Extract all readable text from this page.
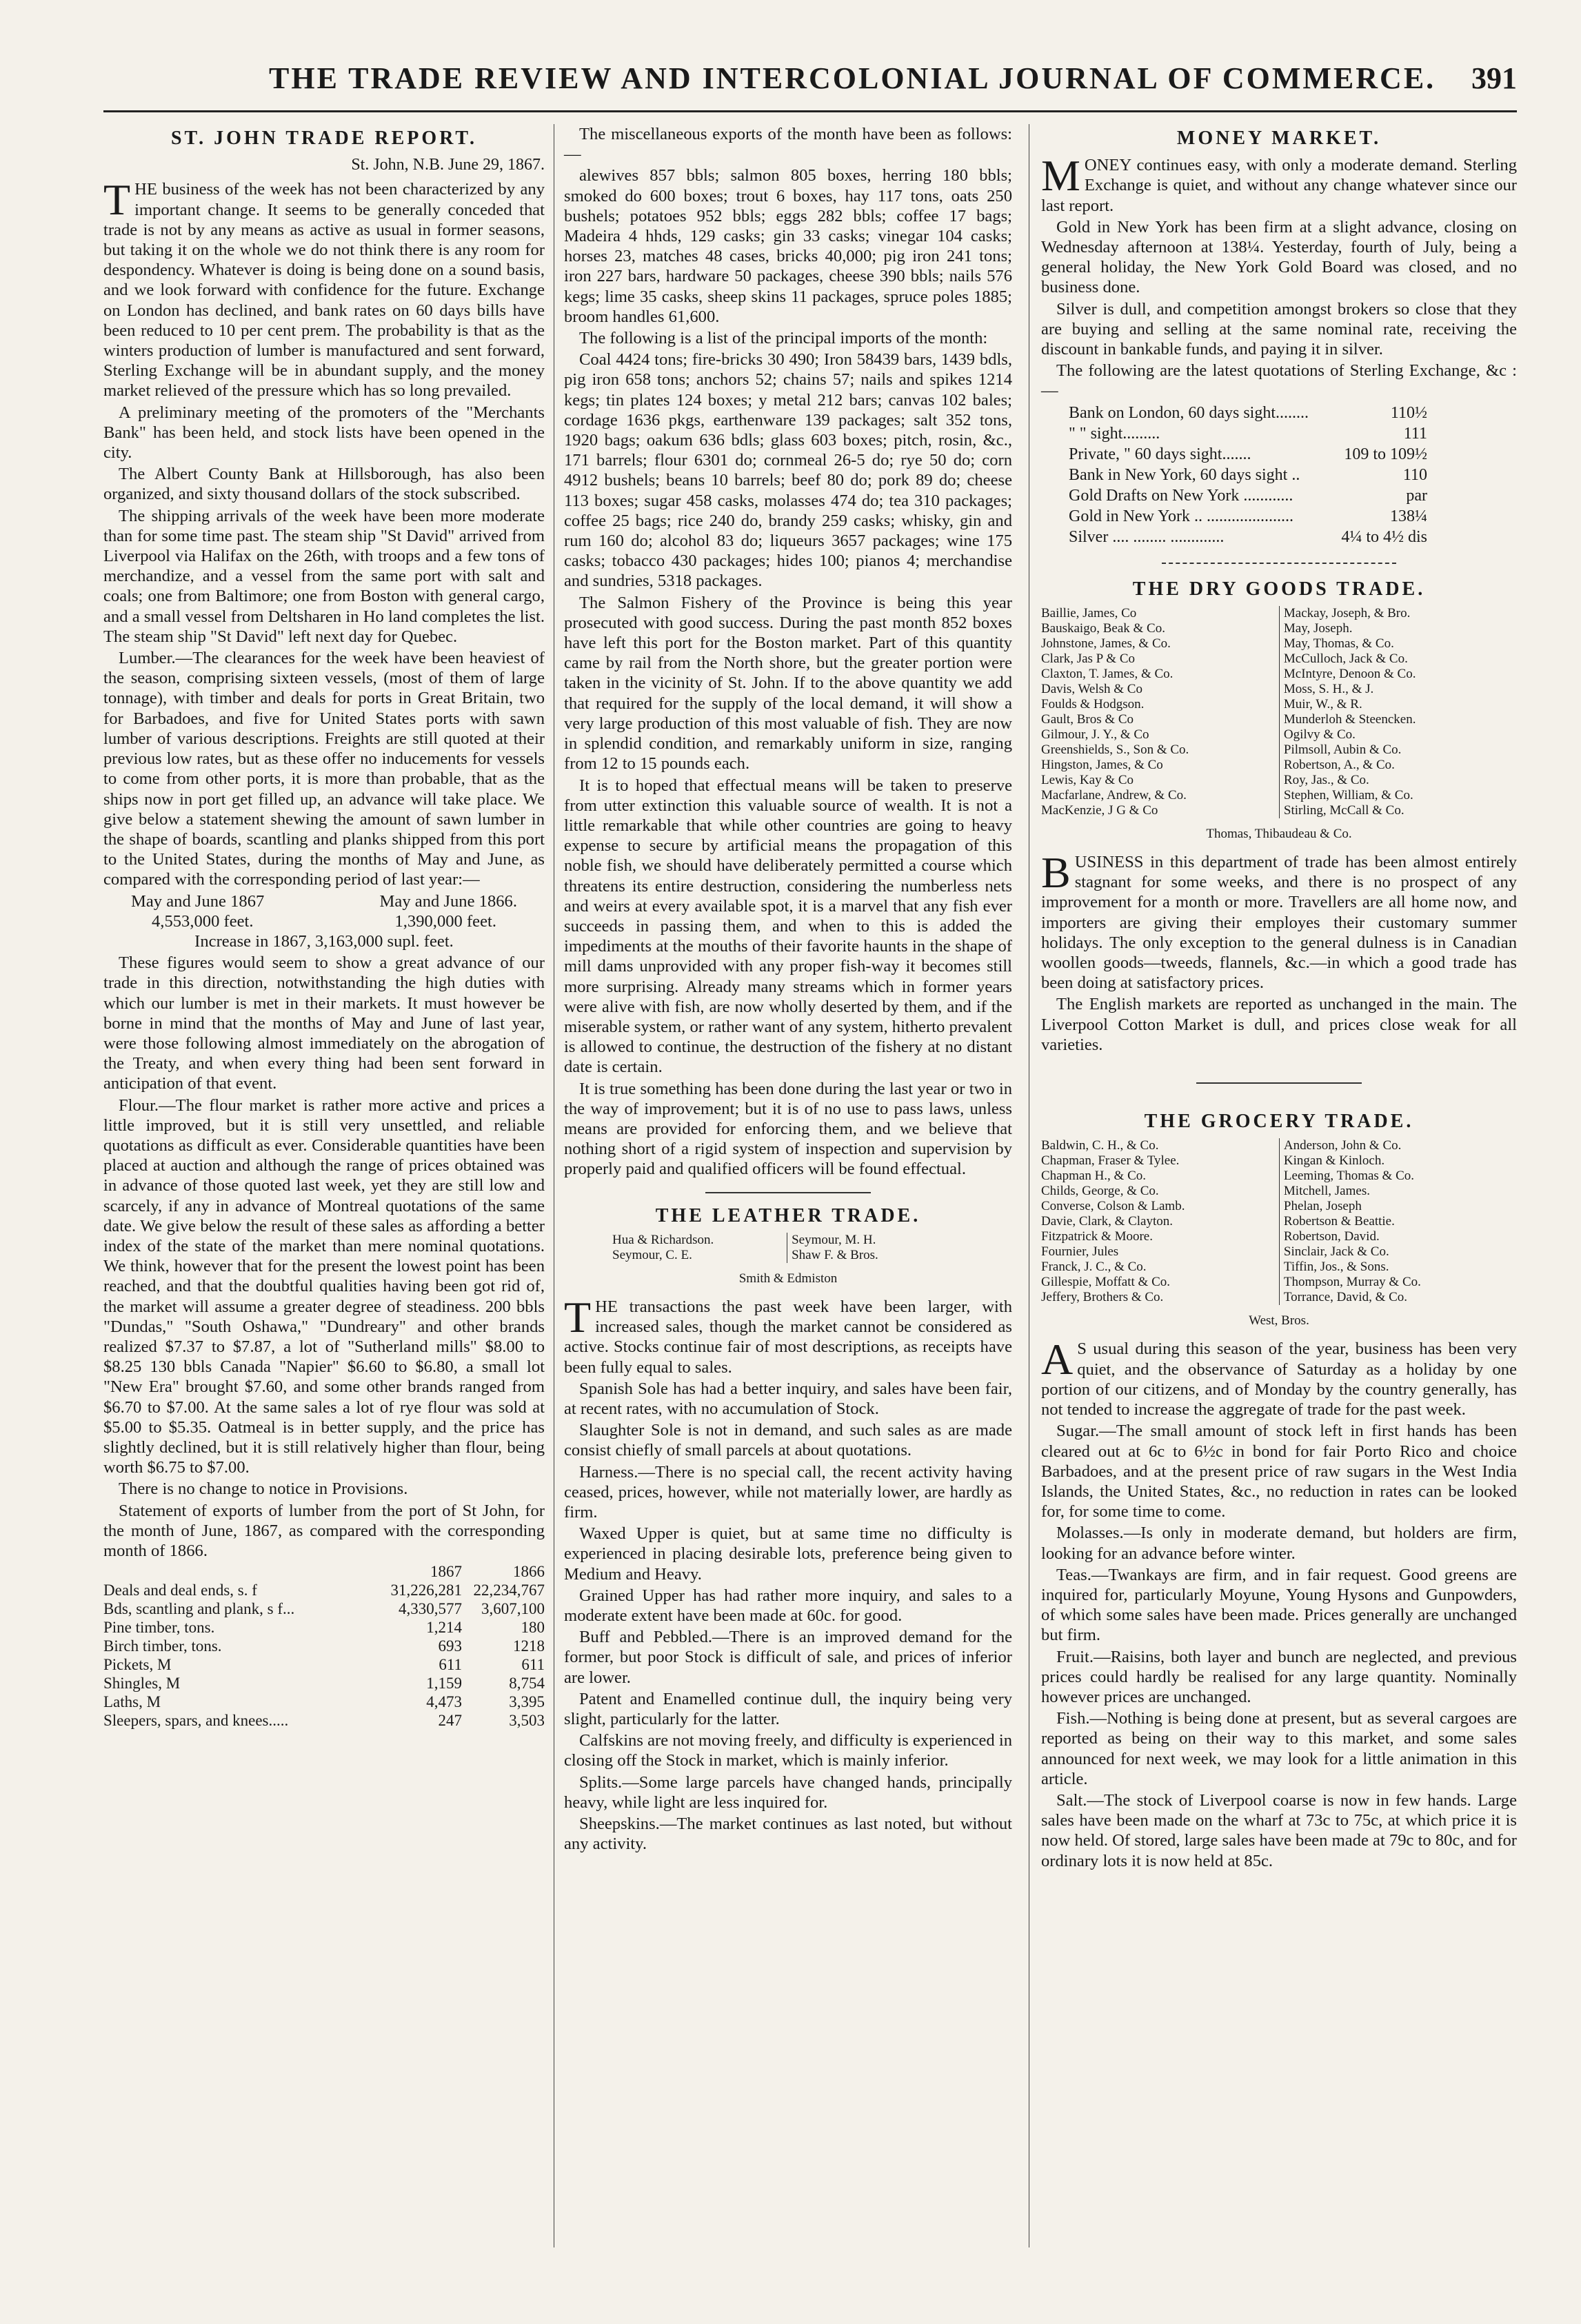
THE TRADE REVIEW AND INTERCOLONIAL JOURNAL OF COMMERCE. 391
ST. JOHN TRADE REPORT.
St. John, N.B. June 29, 1867.

THE business of the week has not been characterized by any important change. It seems to be generally conceded that trade is not by any means as active as usual in former seasons, but taking it on the whole we do not think there is any room for despondency. Whatever is doing is being done on a sound basis, and we look forward with confidence for the future. Exchange on London has declined, and bank rates on 60 days bills have been reduced to 10 per cent prem. The probability is that as the winters production of lumber is manufactured and sent forward, Sterling Exchange will be in abundant supply, and the money market relieved of the pressure which has so long prevailed.

A preliminary meeting of the promoters of the "Merchants Bank" has been held, and stock lists have been opened in the city.

The Albert County Bank at Hillsborough, has also been organized, and sixty thousand dollars of the stock subscribed.

The shipping arrivals of the week have been more moderate than for some time past. The steam ship "St David" arrived from Liverpool via Halifax on the 26th, with troops and a few tons of merchandize, and a vessel from the same port with salt and coals; one from Baltimore; one from Boston with general cargo, and a small vessel from Deltsharen in Ho land completes the list. The steam ship "St David" left next day for Quebec.

Lumber.—The clearances for the week have been heaviest of the season, comprising sixteen vessels, (most of them of large tonnage), with timber and deals for ports in Great Britain, two for Barbadoes, and five for United States ports with sawn lumber of various descriptions. Freights are still quoted at their previous low rates, but as these offer no inducements for vessels to come from other ports, it is more than probable, that as the ships now in port get filled up, an advance will take place. We give below a statement shewing the amount of sawn lumber in the shape of boards, scantling and planks shipped from this port to the United States, during the months of May and June, as compared with the corresponding period of last year:—

May and June 1867	May and June 1866.
4,553,000 feet.	1,390,000 feet.

Increase in 1867, 3,163,000 supl. feet.

These figures would seem to show a great advance of our trade in this direction, notwithstanding the high duties with which our lumber is met in their markets. It must however be borne in mind that the months of May and June of last year, were those following almost immediately on the abrogation of the Treaty, and when every thing had been sent forward in anticipation of that event.

Flour.—The flour market is rather more active and prices a little improved, but it is still very unsettled, and reliable quotations as difficult as ever. Considerable quantities have been placed at auction and although the range of prices obtained was in advance of those quoted last week, yet they are still low and scarcely, if any in advance of Montreal quotations of the same date. We give below the result of these sales as affording a better index of the state of the market than mere nominal quotations. We think, however that for the present the lowest point has been reached, and that the doubtful qualities having been got rid of, the market will assume a greater degree of steadiness. 200 bbls "Dundas," "South Oshawa," "Dundreary" and other brands realized $7.37 to $7.87, a lot of "Sutherland mills" $8.00 to $8.25 130 bbls Canada "Napier" $6.60 to $6.80, a small lot "New Era" brought $7.60, and some other brands ranged from $6.70 to $7.00. At the same sales a lot of rye flour was sold at $5.00 to $5.35. Oatmeal is in better supply, and the price has slightly declined, but it is still relatively higher than flour, being worth $6.75 to $7.00.

There is no change to notice in Provisions.

Statement of exports of lumber from the port of St John, for the month of June, 1867, as compared with the corresponding month of 1866.

	1867	1866
Deals and deal ends, s. f	31,226,281	22,234,767
Bds, scantling and plank, s f...	4,330,577	3,607,100
Pine timber, tons.	1,214	180
Birch timber, tons.	693	1218
Pickets, M	611	611
Shingles, M	1,159	8,754
Laths, M	4,473	3,395
Sleepers, spars, and knees.....	247	3,503

The miscellaneous exports of the month have been as follows:—

alewives 857 bbls; salmon 805 boxes, herring 180 bbls; smoked do 600 boxes; trout 6 boxes, hay 117 tons, oats 250 bushels; potatoes 952 bbls; eggs 282 bbls; coffee 17 bags; Madeira 4 hhds, 129 casks; gin 33 casks; vinegar 104 casks; horses 23, matches 48 cases, bricks 40,000; pig iron 241 tons; iron 227 bars, hardware 50 packages, cheese 390 bbls; nails 576 kegs; lime 35 casks, sheep skins 11 packages, spruce poles 1885; broom handles 61,600.

The following is a list of the principal imports of the month:

Coal 4424 tons; fire-bricks 30 490; Iron 58439 bars, 1439 bdls, pig iron 658 tons; anchors 52; chains 57; nails and spikes 1214 kegs; tin plates 124 boxes; y metal 212 bars; canvas 102 bales; cordage 1636 pkgs, earthenware 139 packages; salt 352 tons, 1920 bags; oakum 636 bdls; glass 603 boxes; pitch, rosin, &c., 171 barrels; flour 6301 do; cornmeal 26-5 do; rye 50 do; corn 4912 bushels; beans 10 barrels; beef 80 do; pork 89 do; cheese 113 boxes; sugar 458 casks, molasses 474 do; tea 310 packages; coffee 25 bags; rice 240 do, brandy 259 casks; whisky, gin and rum 160 do; alcohol 83 do; liqueurs 3657 packages; wine 175 casks; tobacco 430 packages; hides 100; pianos 4; merchandise and sundries, 5318 packages.

The Salmon Fishery of the Province is being this year prosecuted with good success. During the past month 852 boxes have left this port for the Boston market. Part of this quantity came by rail from the North shore, but the greater portion were taken in the vicinity of St. John. If to the above quantity we add that required for the supply of the local demand, it will show a very large production of this most valuable of fish. They are now in splendid condition, and remarkably uniform in size, ranging from 12 to 15 pounds each.

It is to hoped that effectual means will be taken to preserve from utter extinction this valuable source of wealth. It is not a little remarkable that while other countries are going to heavy expense to secure by artificial means the propagation of this noble fish, we should have deliberately permitted a course which threatens its entire destruction, considering the numberless nets and weirs at every available spot, it is a marvel that any fish ever succeeds in passing them, and when to this is added the impediments at the mouths of their favorite haunts in the shape of mill dams unprovided with any proper fish-way it becomes still more surprising. Already many streams which in former years were alive with fish, are now wholly deserted by them, and if the miserable system, or rather want of any system, hitherto prevalent is allowed to continue, the destruction of the fishery at no distant date is certain.

It is true something has been done during the last year or two in the way of improvement; but it is of no use to pass laws, unless means are provided for enforcing them, and we believe that nothing short of a rigid system of inspection and supervision by properly paid and qualified officers will be found effectual.

THE LEATHER TRADE.
Hua & Richardson.
Seymour, C. E.
Seymour, M. H.
Shaw F. & Bros.
Smith & Edmiston

THE transactions the past week have been larger, with increased sales, though the market cannot be considered as active. Stocks continue fair of most descriptions, as receipts have been fully equal to sales.

Spanish Sole has had a better inquiry, and sales have been fair, at recent rates, with no accumulation of Stock.

Slaughter Sole is not in demand, and such sales as are made consist chiefly of small parcels at about quotations.

Harness.—There is no special call, the recent activity having ceased, prices, however, while not materially lower, are hardly as firm.

Waxed Upper is quiet, but at same time no difficulty is experienced in placing desirable lots, preference being given to Medium and Heavy.

Grained Upper has had rather more inquiry, and sales to a moderate extent have been made at 60c. for good.

Buff and Pebbled.—There is an improved demand for the former, but poor Stock is difficult of sale, and prices of inferior are lower.

Patent and Enamelled continue dull, the inquiry being very slight, particularly for the latter.

Calfskins are not moving freely, and difficulty is experienced in closing off the Stock in market, which is mainly inferior.

Splits.—Some large parcels have changed hands, principally heavy, while light are less inquired for.

Sheepskins.—The market continues as last noted, but without any activity.

MONEY MARKET.

MONEY continues easy, with only a moderate demand. Sterling Exchange is quiet, and without any change whatever since our last report.

Gold in New York has been firm at a slight advance, closing on Wednesday afternoon at 138¼. Yesterday, fourth of July, being a general holiday, the New York Gold Board was closed, and no business done.

Silver is dull, and competition amongst brokers so close that they are buying and selling at the same nominal rate, receiving the discount in bankable funds, and paying it in silver.

The following are the latest quotations of Sterling Exchange, &c :—

Bank on London, 60 days sight........	110½
" " sight.........	111
Private, " 60 days sight.......	109 to 109½
Bank in New York, 60 days sight ..	110
Gold Drafts on New York ............	par
Gold in New York .. .....................	138¼
Silver .... ........ .............	4¼ to 4½ dis
THE DRY GOODS TRADE.
Baillie, James, Co
Bauskaigo, Beak & Co.
Johnstone, James, & Co.
Clark, Jas P & Co
Claxton, T. James, & Co.
Davis, Welsh & Co
Foulds & Hodgson.
Gault, Bros & Co
Gilmour, J. Y., & Co
Greenshields, S., Son & Co.
Hingston, James, & Co
Lewis, Kay & Co
Macfarlane, Andrew, & Co.
MacKenzie, J G & Co
Mackay, Joseph, & Bro.
May, Joseph.
May, Thomas, & Co.
McCulloch, Jack & Co.
McIntyre, Denoon & Co.
Moss, S. H., & J.
Muir, W., & R.
Munderloh & Steencken.
Ogilvy & Co.
Pilmsoll, Aubin & Co.
Robertson, A., & Co.
Roy, Jas., & Co.
Stephen, William, & Co.
Stirling, McCall & Co.
Thomas, Thibaudeau & Co.

BUSINESS in this department of trade has been almost entirely stagnant for some weeks, and there is no prospect of any improvement for a month or more. Travellers are all home now, and importers are giving their employes their customary summer holidays. The only exception to the general dulness is in Canadian woollen goods—tweeds, flannels, &c.—in which a good trade has been doing at satisfactory prices.

The English markets are reported as unchanged in the main. The Liverpool Cotton Market is dull, and prices close weak for all varieties.

THE GROCERY TRADE.
Baldwin, C. H., & Co.
Chapman, Fraser & Tylee.
Chapman H., & Co.
Childs, George, & Co.
Converse, Colson & Lamb.
Davie, Clark, & Clayton.
Fitzpatrick & Moore.
Fournier, Jules
Franck, J. C., & Co.
Gillespie, Moffatt & Co.
Jeffery, Brothers & Co.
Anderson, John & Co.
Kingan & Kinloch.
Leeming, Thomas & Co.
Mitchell, James.
Phelan, Joseph
Robertson & Beattie.
Robertson, David.
Sinclair, Jack & Co.
Tiffin, Jos., & Sons.
Thompson, Murray & Co.
Torrance, David, & Co.
West, Bros.

A S usual during this season of the year, business has been very quiet, and the observance of Saturday as a holiday by one portion of our citizens, and of Monday by the country generally, has not tended to increase the aggregate of trade for the past week.

Sugar.—The small amount of stock left in first hands has been cleared out at 6c to 6½c in bond for fair Porto Rico and choice Barbadoes, and at the present price of raw sugars in the West India Islands, the United States, &c., no reduction in rates can be looked for, for some time to come.

Molasses.—Is only in moderate demand, but holders are firm, looking for an advance before winter.

Teas.—Twankays are firm, and in fair request. Good greens are inquired for, particularly Moyune, Young Hysons and Gunpowders, of which some sales have been made. Prices generally are unchanged but firm.

Fruit.—Raisins, both layer and bunch are neglected, and previous prices could hardly be realised for any large quantity. Nominally however prices are unchanged.

Fish.—Nothing is being done at present, but as several cargoes are reported as being on their way to this market, and some sales announced for next week, we may look for a little animation in this article.

Salt.—The stock of Liverpool coarse is now in few hands. Large sales have been made on the wharf at 73c to 75c, at which price it is now held. Of stored, large sales have been made at 79c to 80c, and for ordinary lots it is now held at 85c.
